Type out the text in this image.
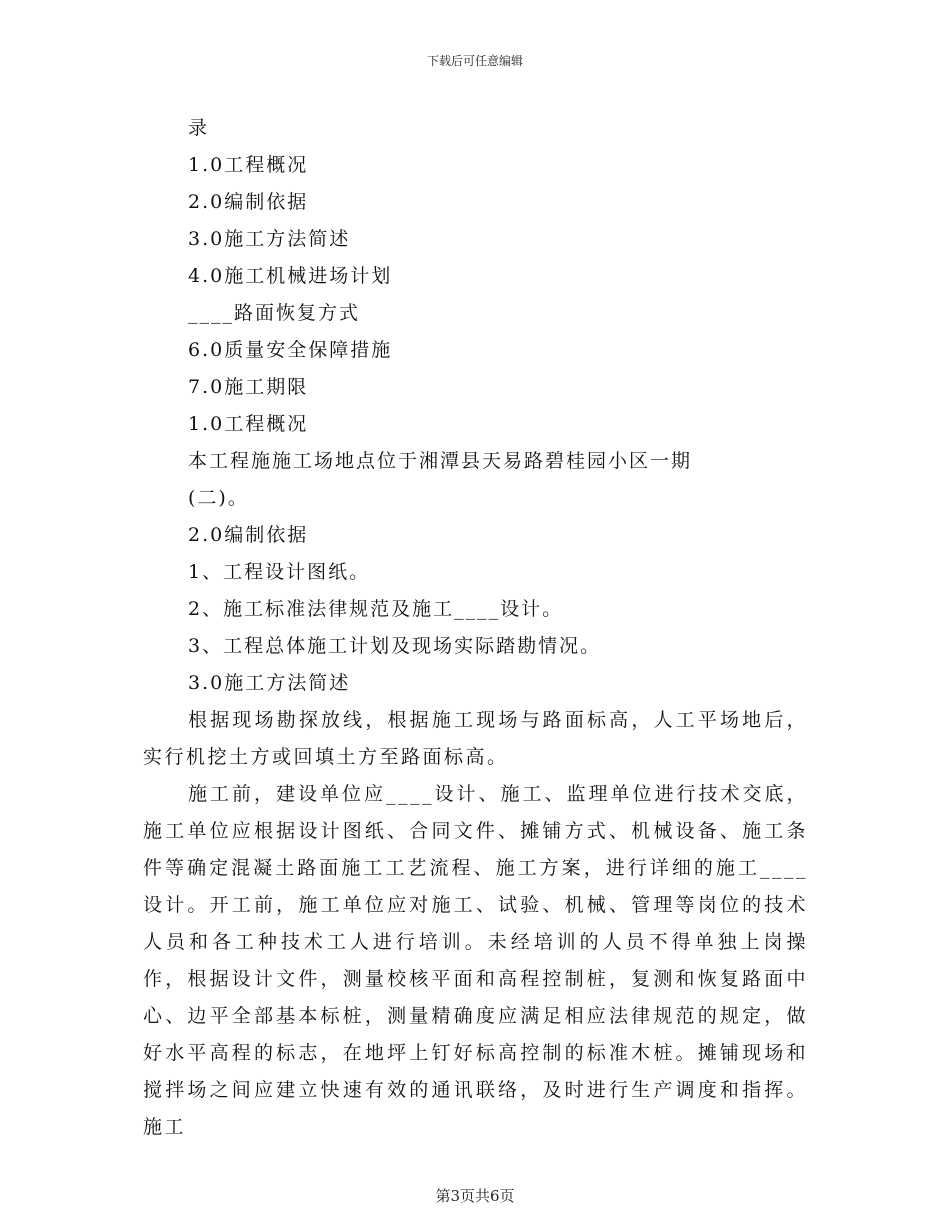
下载后可任意编辑
录
1.0工程概况
2.0编制依据
3.0施工方法简述
4.0施工机械进场计划
____路面恢复方式
6.0质量安全保障措施
7.0施工期限
1.0工程概况
本工程施施工场地点位于湘潭县天易路碧桂园小区一期
(二)。
2.0编制依据
1、工程设计图纸。
2、施工标准法律规范及施工____设计。
3、工程总体施工计划及现场实际踏勘情况。
3.0施工方法简述

根据现场勘探放线，根据施工现场与路面标高，人工平场地后，实行机挖土方或回填土方至路面标高。

施工前，建设单位应____设计、施工、监理单位进行技术交底，施工单位应根据设计图纸、合同文件、摊铺方式、机械设备、施工条件等确定混凝土路面施工工艺流程、施工方案，进行详细的施工____设计。开工前，施工单位应对施工、试验、机械、管理等岗位的技术人员和各工种技术工人进行培训。未经培训的人员不得单独上岗操作，根据设计文件，测量校核平面和高程控制桩，复测和恢复路面中心、边平全部基本标桩，测量精确度应满足相应法律规范的规定，做好水平高程的标志，在地坪上钉好标高控制的标准木桩。摊铺现场和搅拌场之间应建立快速有效的通讯联络，及时进行生产调度和指挥。施工

第3页共6页
